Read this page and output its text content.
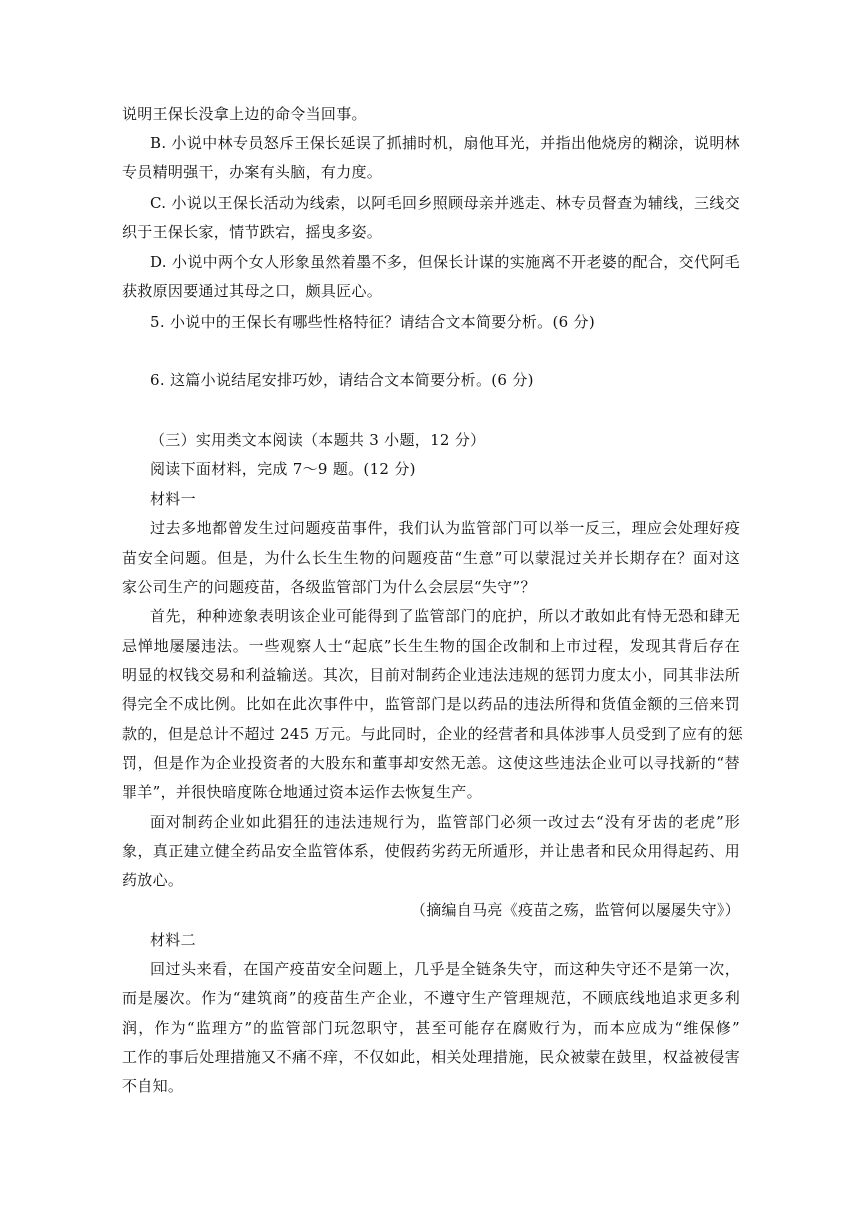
说明王保长没拿上边的命令当回事。
B. 小说中林专员怒斥王保长延误了抓捕时机，扇他耳光，并指出他烧房的糊涂，说明林
专员精明强干，办案有头脑，有力度。
C. 小说以王保长活动为线索，以阿毛回乡照顾母亲并逃走、林专员督查为辅线，三线交
织于王保长家，情节跌宕，摇曳多姿。
D. 小说中两个女人形象虽然着墨不多，但保长计谋的实施离不开老婆的配合，交代阿毛
获救原因要通过其母之口，颇具匠心。
5. 小说中的王保长有哪些性格特征？请结合文本简要分析。(6 分)
6. 这篇小说结尾安排巧妙，请结合文本简要分析。(6 分)
（三）实用类文本阅读（本题共 3 小题，12 分）
阅读下面材料，完成 7～9 题。(12 分)
材料一
过去多地都曾发生过问题疫苗事件，我们认为监管部门可以举一反三，理应会处理好疫
苗安全问题。但是，为什么长生生物的问题疫苗“生意”可以蒙混过关并长期存在？面对这
家公司生产的问题疫苗，各级监管部门为什么会层层“失守”？
首先，种种迹象表明该企业可能得到了监管部门的庇护，所以才敢如此有恃无恐和肆无
忌惮地屡屡违法。一些观察人士“起底”长生生物的国企改制和上市过程，发现其背后存在
明显的权钱交易和利益输送。其次，目前对制药企业违法违规的惩罚力度太小，同其非法所
得完全不成比例。比如在此次事件中，监管部门是以药品的违法所得和货值金额的三倍来罚
款的，但是总计不超过 245 万元。与此同时，企业的经营者和具体涉事人员受到了应有的惩
罚，但是作为企业投资者的大股东和董事却安然无恙。这使这些违法企业可以寻找新的“替
罪羊”，并很快暗度陈仓地通过资本运作去恢复生产。
面对制药企业如此猖狂的违法违规行为，监管部门必须一改过去“没有牙齿的老虎”形
象，真正建立健全药品安全监管体系，使假药劣药无所遁形，并让患者和民众用得起药、用
药放心。
（摘编自马亮《疫苗之殇，监管何以屡屡失守》）
材料二
回过头来看，在国产疫苗安全问题上，几乎是全链条失守，而这种失守还不是第一次，
而是屡次。作为“建筑商”的疫苗生产企业，不遵守生产管理规范，不顾底线地追求更多利
润，作为“监理方”的监管部门玩忽职守，甚至可能存在腐败行为，而本应成为“维保修”
工作的事后处理措施又不痛不痒，不仅如此，相关处理措施，民众被蒙在鼓里，权益被侵害
不自知。
